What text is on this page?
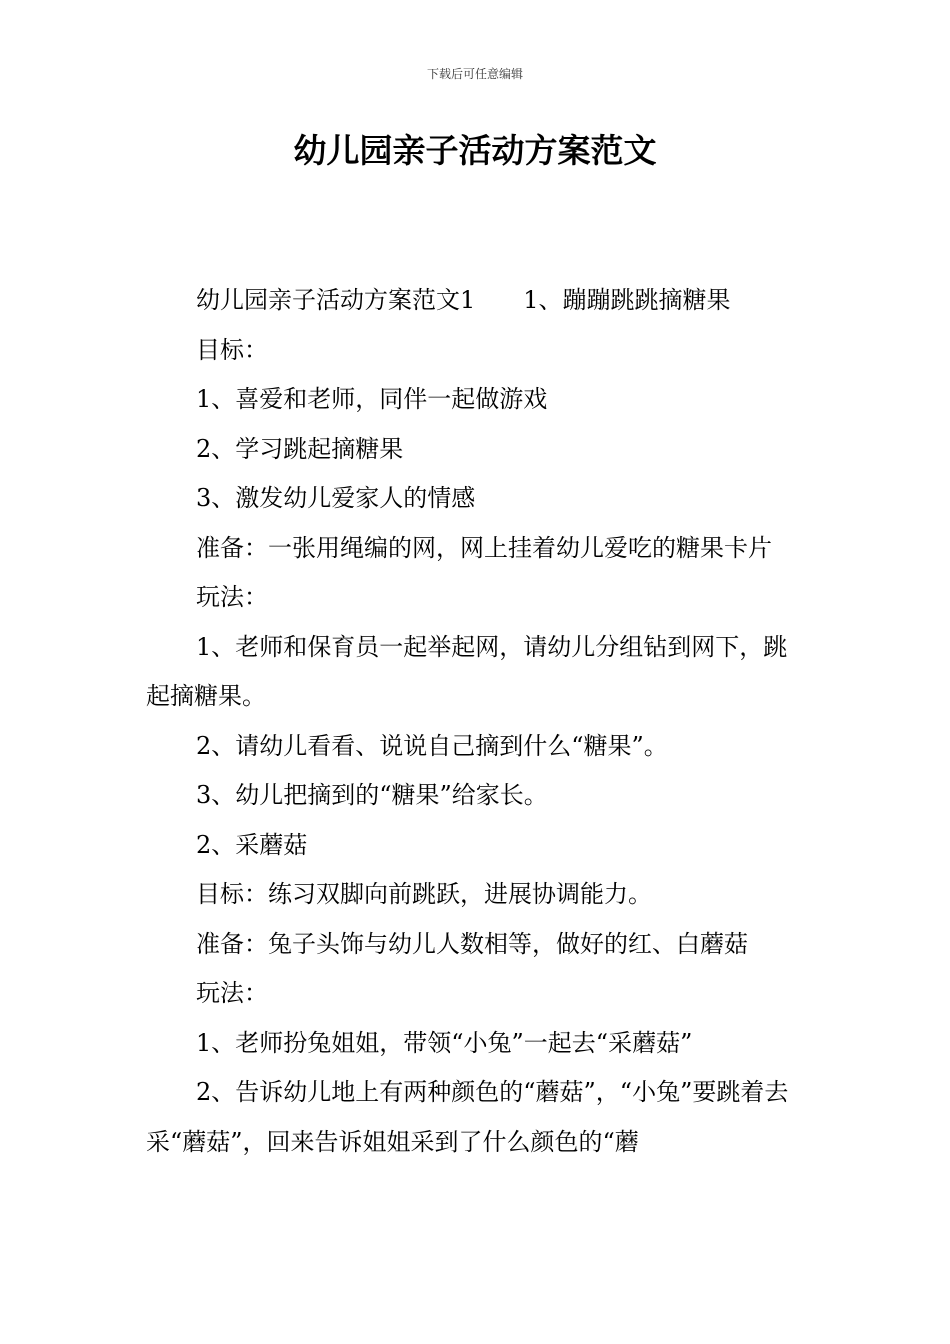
下载后可任意编辑
幼儿园亲子活动方案范文

幼儿园亲子活动方案范文1　　1、蹦蹦跳跳摘糖果

目标：

1、喜爱和老师，同伴一起做游戏

2、学习跳起摘糖果

3、激发幼儿爱家人的情感

准备：一张用绳编的网，网上挂着幼儿爱吃的糖果卡片

玩法：

1、老师和保育员一起举起网，请幼儿分组钻到网下，跳起摘糖果。

2、请幼儿看看、说说自己摘到什么“糖果”。

3、幼儿把摘到的“糖果”给家长。

2、采蘑菇

目标：练习双脚向前跳跃，进展协调能力。

准备：兔子头饰与幼儿人数相等，做好的红、白蘑菇

玩法：

1、老师扮兔姐姐，带领“小兔”一起去“采蘑菇”

2、告诉幼儿地上有两种颜色的“蘑菇”，“小兔”要跳着去采“蘑菇”，回来告诉姐姐采到了什么颜色的“蘑
